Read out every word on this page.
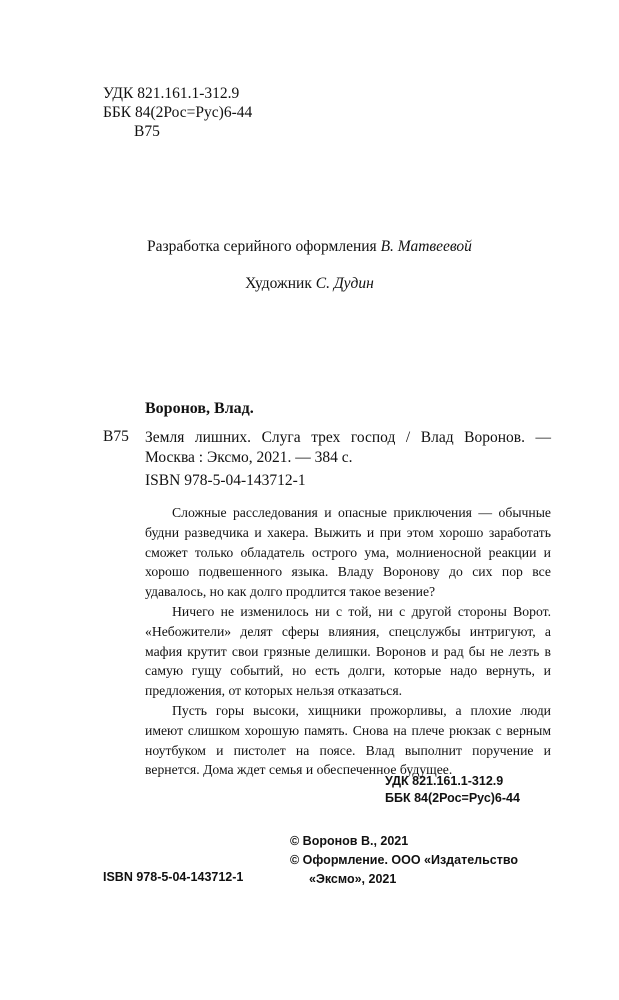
УДК 821.161.1-312.9
ББК 84(2Рос=Рус)6-44
В75
Разработка серийного оформления В. Матвеевой
Художник С. Дудин
Воронов, Влад.
В75	Земля лишних. Слуга трех господ / Влад Воронов. — Москва : Эксмо, 2021. — 384 с.
ISBN 978-5-04-143712-1

Сложные расследования и опасные приключения — обычные будни разведчика и хакера. Выжить и при этом хорошо заработать сможет только обладатель острого ума, молниеносной реакции и хорошо подвешенного языка. Владу Воронову до сих пор все удавалось, но как долго продлится такое везение?

Ничего не изменилось ни с той, ни с другой стороны Ворот. «Небожители» делят сферы влияния, спецслужбы интригуют, а мафия крутит свои грязные делишки. Воронов и рад бы не лезть в самую гущу событий, но есть долги, которые надо вернуть, и предложения, от которых нельзя отказаться.

Пусть горы высоки, хищники прожорливы, а плохие люди имеют слишком хорошую память. Снова на плече рюкзак с верным ноутбуком и пистолет на поясе. Влад выполнит поручение и вернется. Дома ждет семья и обеспеченное будущее.

УДК 821.161.1-312.9
ББК 84(2Рос=Рус)6-44
© Воронов В., 2021
© Оформление. ООО «Издательство
«Эксмо», 2021
ISBN 978-5-04-143712-1
